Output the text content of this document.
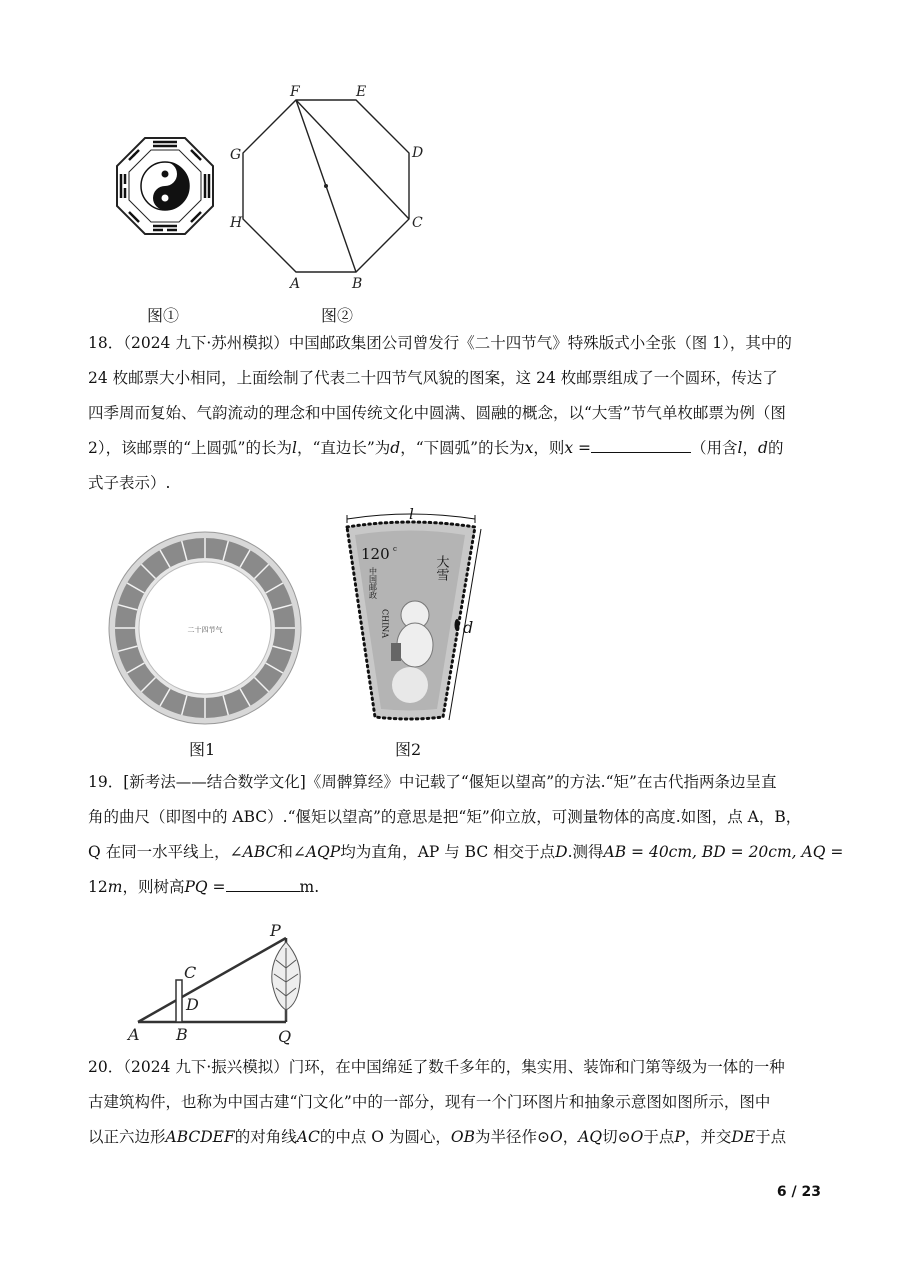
F	E
D
C
B
A
H
G
图①	图②
18．（2024 九下·苏州模拟）中国邮政集团公司曾发行《二十四节气》特殊版式小全张（图 1），其中的
24 枚邮票大小相同，上面绘制了代表二十四节气风貌的图案，这 24 枚邮票组成了一个圆环，传达了
四季周而复始、气韵流动的理念和中国传统文化中圆满、圆融的概念，以“大雪”节气单枚邮票为例（图
2），该邮票的“上圆弧”的长为l，“直边长”为d，“下圆弧”的长为x，则x =	（用含l，d的
式子表示）.
二十四节气
图1
120 c
大雪
中国邮政
CHINA
l
d
图2
19．[新考法——结合数学文化]《周髀算经》中记载了“偃矩以望高”的方法.“矩”在古代指两条边呈直
角的曲尺（即图中的 ABC）.“偃矩以望高”的意思是把“矩”仰立放，可测量物体的高度.如图，点 A，B，
Q 在同一水平线上，∠ABC和∠AQP均为直角，AP 与 BC 相交于点D.测得AB = 40cm, BD = 20cm, AQ =
12m，则树高PQ =	m.
P
C
D
A B	Q
20．（2024 九下·振兴模拟）门环，在中国绵延了数千多年的，集实用、装饰和门第等级为一体的一种
古建筑构件，也称为中国古建“门文化”中的一部分，现有一个门环图片和抽象示意图如图所示，图中
以正六边形ABCDEF的对角线AC的中点 O 为圆心，OB为半径作⊙O，AQ切⊙O于点P，并交DE于点
6 / 23
